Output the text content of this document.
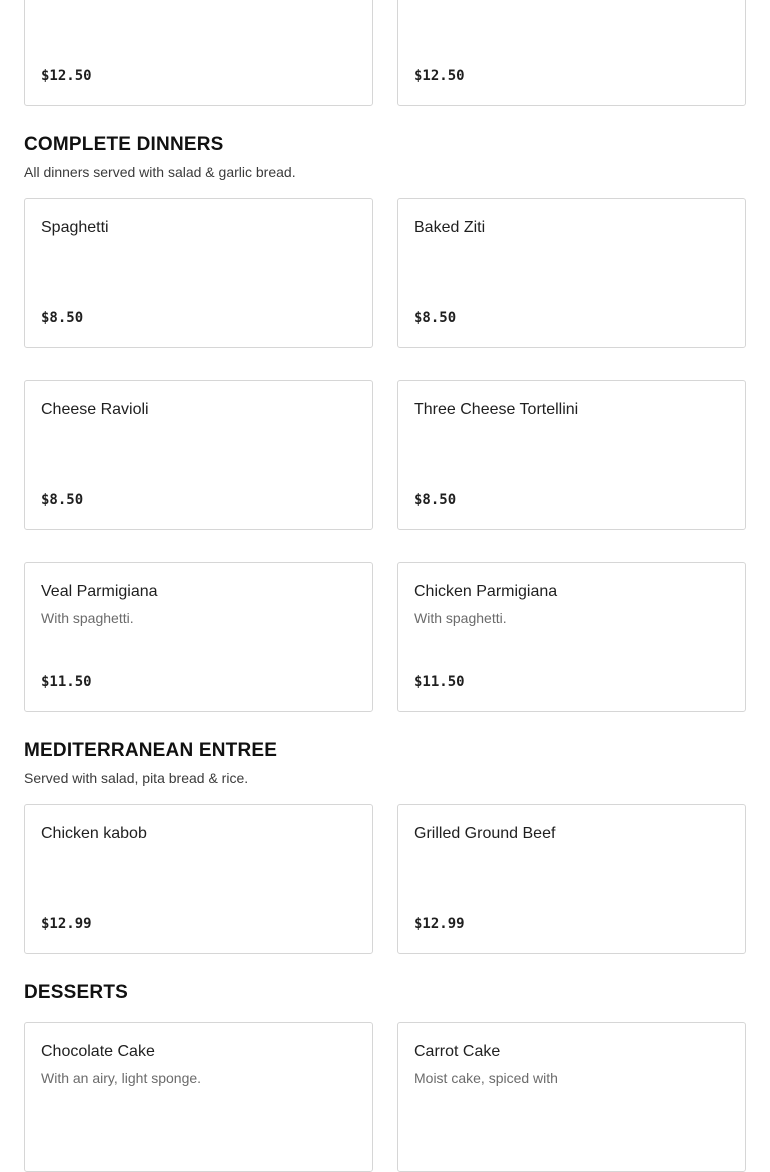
$12.50	$12.50
COMPLETE DINNERS
All dinners served with salad & garlic bread.
Spaghetti
$8.50
Baked Ziti
$8.50
Cheese Ravioli
$8.50
Three Cheese Tortellini
$8.50
Veal Parmigiana
With spaghetti.
$11.50
Chicken Parmigiana
With spaghetti.
$11.50
MEDITERRANEAN ENTREE
Served with salad, pita bread & rice.
Chicken kabob
$12.99
Grilled Ground Beef
$12.99
DESSERTS
Chocolate Cake
With an airy, light sponge.
Carrot Cake
Moist cake, spiced with
